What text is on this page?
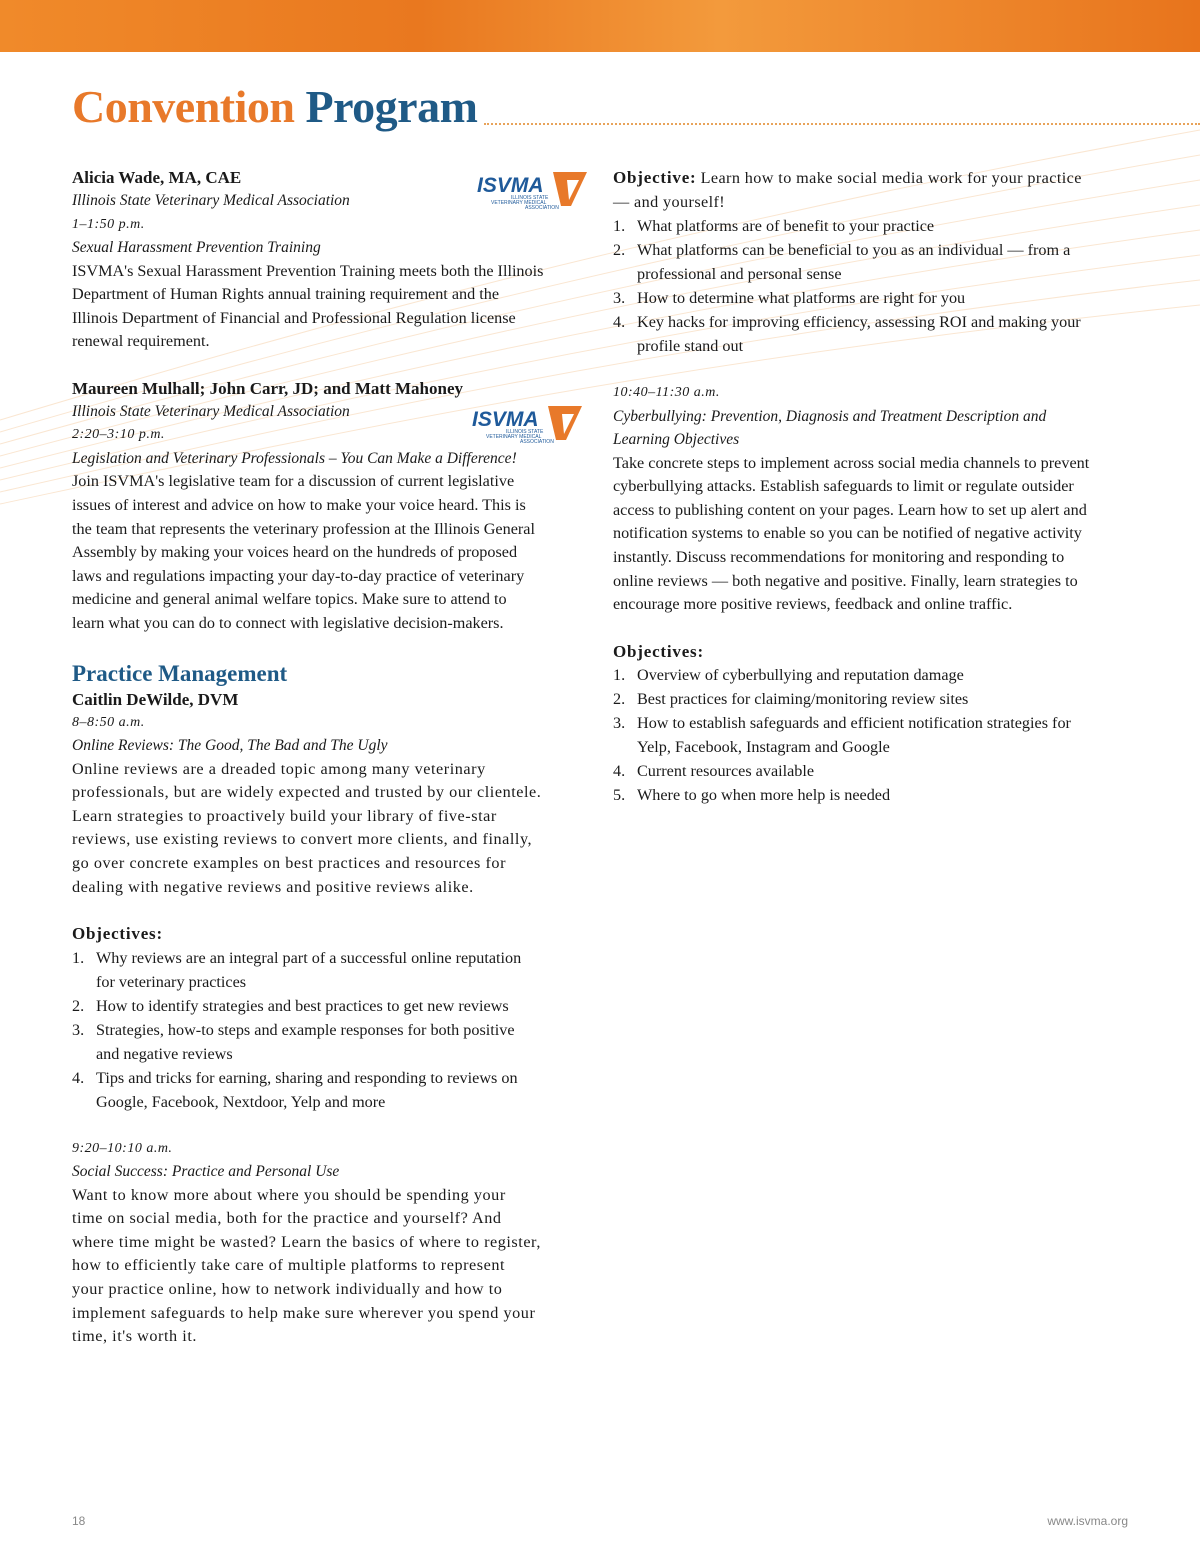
Convention Program
ISVMA
ILLINOIS STATE
VETERINARY MEDICAL
ASSOCIATION
ISVMA
ILLINOIS STATE
VETERINARY MEDICAL
ASSOCIATION
Alicia Wade, MA, CAE
Illinois State Veterinary Medical Association
1–1:50 p.m.
Sexual Harassment Prevention Training
ISVMA's Sexual Harassment Prevention Training meets both the Illinois
Department of Human Rights annual training requirement and the
Illinois Department of Financial and Professional Regulation license
renewal requirement.
Maureen Mulhall; John Carr, JD; and Matt Mahoney
Illinois State Veterinary Medical Association
2:20–3:10 p.m.
Legislation and Veterinary Professionals – You Can Make a Difference!
Join ISVMA's legislative team for a discussion of current legislative
issues of interest and advice on how to make your voice heard. This is
the team that represents the veterinary profession at the Illinois General
Assembly by making your voices heard on the hundreds of proposed
laws and regulations impacting your day-to-day practice of veterinary
medicine and general animal welfare topics. Make sure to attend to
learn what you can do to connect with legislative decision-makers.
Practice Management
Caitlin DeWilde, DVM
8–8:50 a.m.
Online Reviews: The Good, The Bad and The Ugly
Online reviews are a dreaded topic among many veterinary
professionals, but are widely expected and trusted by our clientele.
Learn strategies to proactively build your library of five-star
reviews, use existing reviews to convert more clients, and finally,
go over concrete examples on best practices and resources for
dealing with negative reviews and positive reviews alike.
Objectives:
1. Why reviews are an integral part of a successful online reputation
for veterinary practices
2. How to identify strategies and best practices to get new reviews
3. Strategies, how-to steps and example responses for both positive
and negative reviews
4. Tips and tricks for earning, sharing and responding to reviews on
Google, Facebook, Nextdoor, Yelp and more
9:20–10:10 a.m.
Social Success: Practice and Personal Use
Want to know more about where you should be spending your
time on social media, both for the practice and yourself? And
where time might be wasted? Learn the basics of where to register,
how to efficiently take care of multiple platforms to represent
your practice online, how to network individually and how to
implement safeguards to help make sure wherever you spend your
time, it's worth it.
Objective: Learn how to make social media work for your practice
— and yourself!
1. What platforms are of benefit to your practice
2. What platforms can be beneficial to you as an individual — from a
professional and personal sense
3. How to determine what platforms are right for you
4. Key hacks for improving efficiency, assessing ROI and making your
profile stand out
10:40–11:30 a.m.
Cyberbullying: Prevention, Diagnosis and Treatment Description and
Learning Objectives
Take concrete steps to implement across social media channels to prevent
cyberbullying attacks. Establish safeguards to limit or regulate outsider
access to publishing content on your pages. Learn how to set up alert and
notification systems to enable so you can be notified of negative activity
instantly. Discuss recommendations for monitoring and responding to
online reviews — both negative and positive. Finally, learn strategies to
encourage more positive reviews, feedback and online traffic.
Objectives:
1. Overview of cyberbullying and reputation damage
2. Best practices for claiming/monitoring review sites
3. How to establish safeguards and efficient notification strategies for
Yelp, Facebook, Instagram and Google
4. Current resources available
5. Where to go when more help is needed
18	www.isvma.org
